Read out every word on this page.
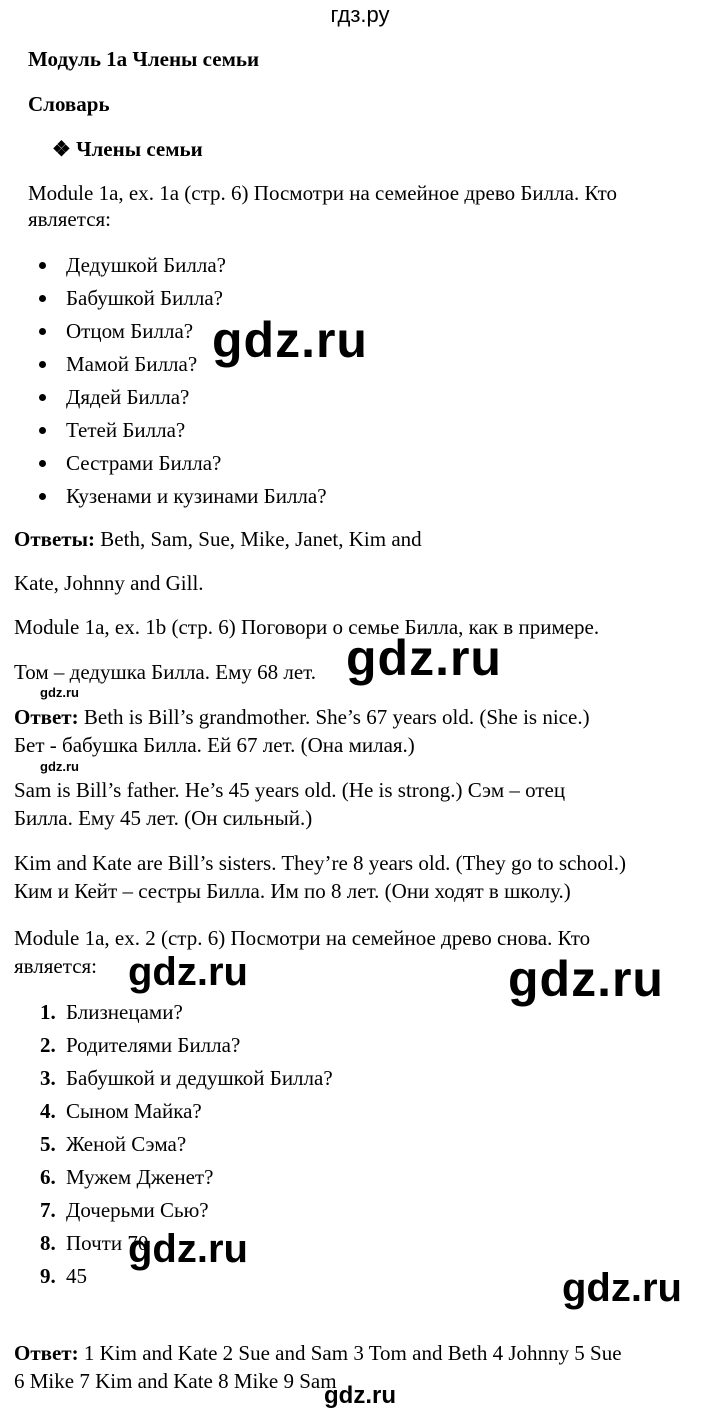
гдз.ру
Модуль 1a Члены семьи
Словарь
❖ Члены семьи
Module 1a, ex. 1a (стр. 6) Посмотри на семейное древо Билла. Кто
является:
Дедушкой Билла?
Бабушкой Билла?
Отцом Билла?
Мамой Билла?
Дядей Билла?
Тетей Билла?
Сестрами Билла?
Кузенами и кузинами Билла?
Ответы: Beth, Sam, Sue, Mike, Janet, Kim and
Kate, Johnny and Gill.
Module 1a, ex. 1b (стр. 6) Поговори о семье Билла, как в примере.
Том – дедушка Билла. Ему 68 лет.
Ответ: Beth is Bill’s grandmother. She’s 67 years old. (She is nice.)
Бет - бабушка Билла. Ей 67 лет. (Она милая.)
Sam is Bill’s father. He’s 45 years old. (He is strong.) Сэм – отец
Билла. Ему 45 лет. (Он сильный.)
Kim and Kate are Bill’s sisters. They’re 8 years old. (They go to school.)
Ким и Кейт – сестры Билла. Им по 8 лет. (Они ходят в школу.)
Module 1a, ex. 2 (стр. 6) Посмотри на семейное древо снова. Кто
является:
1. Близнецами?
2. Родителями Билла?
3. Бабушкой и дедушкой Билла?
4. Сыном Майка?
5. Женой Сэма?
6. Мужем Дженет?
7. Дочерьми Сью?
8. Почти 70
9. 45
Ответ: 1 Kim and Kate 2 Sue and Sam 3 Tom and Beth 4 Johnny 5 Sue
6 Mike 7 Kim and Kate 8 Mike 9 Sam
gdz.ru
gdz.ru
gdz.ru
gdz.ru
gdz.ru	gdz.ru
gdz.ru
gdz.ru
gdz.ru
